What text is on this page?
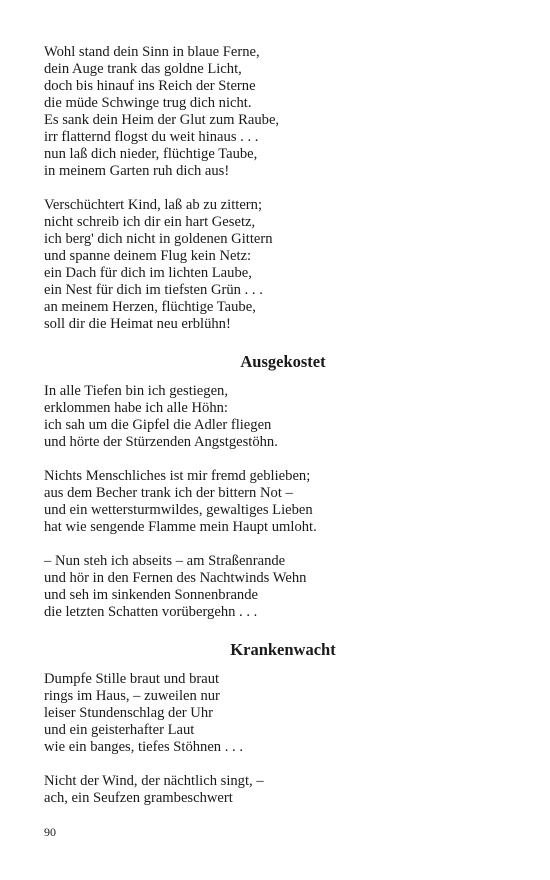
Wohl stand dein Sinn in blaue Ferne,
dein Auge trank das goldne Licht,
doch bis hinauf ins Reich der Sterne
die müde Schwinge trug dich nicht.
Es sank dein Heim der Glut zum Raube,
irr flatternd flogst du weit hinaus . . .
nun laß dich nieder, flüchtige Taube,
in meinem Garten ruh dich aus!
Verschüchtert Kind, laß ab zu zittern;
nicht schreib ich dir ein hart Gesetz,
ich berg' dich nicht in goldenen Gittern
und spanne deinem Flug kein Netz:
ein Dach für dich im lichten Laube,
ein Nest für dich im tiefsten Grün . . .
an meinem Herzen, flüchtige Taube,
soll dir die Heimat neu erblühn!
Ausgekostet
In alle Tiefen bin ich gestiegen,
erklommen habe ich alle Höhn:
ich sah um die Gipfel die Adler fliegen
und hörte der Stürzenden Angstgestöhn.
Nichts Menschliches ist mir fremd geblieben;
aus dem Becher trank ich der bittern Not –
und ein wettersturmwildes, gewaltiges Lieben
hat wie sengende Flamme mein Haupt umloht.
– Nun steh ich abseits – am Straßenrande
und hör in den Fernen des Nachtwinds Wehn
und seh im sinkenden Sonnenbrande
die letzten Schatten vorübergehn . . .
Krankenwacht
Dumpfe Stille braut und braut
rings im Haus, – zuweilen nur
leiser Stundenschlag der Uhr
und ein geisterhafter Laut
wie ein banges, tiefes Stöhnen . . .
Nicht der Wind, der nächtlich singt, –
ach, ein Seufzen grambeschwert
90
